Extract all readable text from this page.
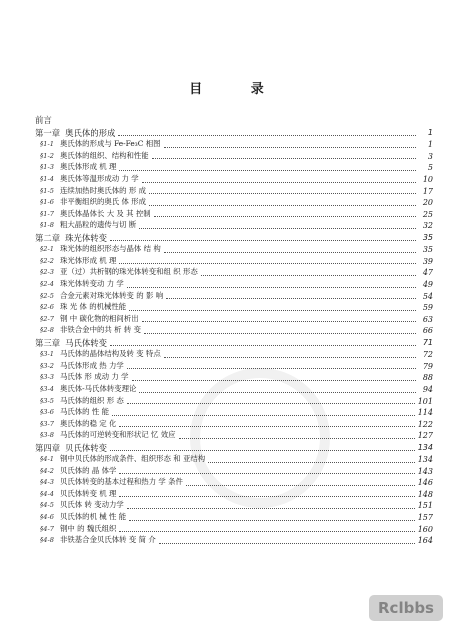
目 录
前言
第一章 奥氏体的形成	1
§1-1 奥氏体的形成与 Fe-Fe₃C 相图	1
§1-2 奥氏体的组织、结构和性能	3
§1-3 奥氏体形成 机 理	5
§1-4 奥氏体等温形成动 力 学	10
§1-5 连续加热时奥氏体的 形 成	17
§1-6 非平衡组织的奥氏 体 形成	20
§1-7 奥氏体晶体长 大 及 其 控制	25
§1-8 粗大晶粒的遗传与切 断	32
第二章 珠光体转变	35
§2-1 珠光体的组织形态与晶体 结 构	35
§2-2 珠光体形成 机 理	39
§2-3 亚（过）共析钢的珠光体转变和组 织 形态	47
§2-4 珠光体转变动 力 学	49
§2-5 合金元素对珠光体转变 的 影 响	54
§2-6 珠 光 体 的机械性能	59
§2-7 钢 中 碳化物的相间析出	63
§2-8 非铁合金中的共 析 转 变	66
第三章 马氏体转变	71
§3-1 马氏体的晶体结构及转 变 特点	72
§3-2 马氏体形成 热 力学	79
§3-3 马氏体 形 成动 力 学	88
§3-4 奥氏体-马氏体转变理论	94
§3-5 马氏体的组织 形 态	101
§3-6 马氏体的 性 能	114
§3-7 奥氏体的稳 定 化	122
§3-8 马氏体的可逆转变和形状记 忆 效应	127
第四章 贝氏体转变	134
§4-1 钢中贝氏体的形成条件、组织形态 和 亚结构	134
§4-2 贝氏体的 晶 体学	143
§4-3 贝氏体转变的基本过程和热力 学 条件	146
§4-4 贝氏体转变 机 理	148
§4-5 贝氏体 转 变动力学	151
§4-6 贝氏体的机 械 性 能	157
§4-7 钢中 的 魏氏组织	160
§4-8 非铁基合金贝氏体转 变 简 介	164
Rclbbs
